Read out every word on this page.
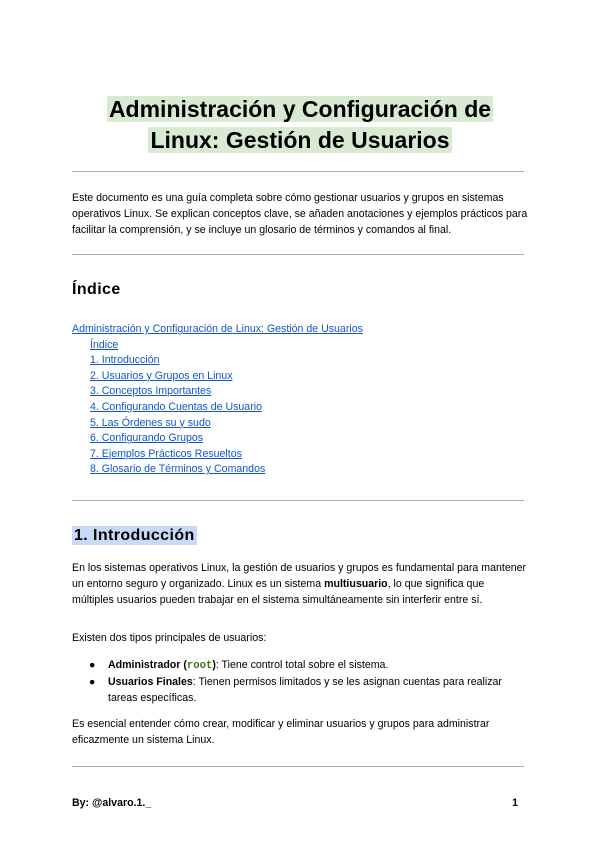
Administración y Configuración de
Linux: Gestión de Usuarios

Este documento es una guía completa sobre cómo gestionar usuarios y grupos en sistemas operativos Linux. Se explican conceptos clave, se añaden anotaciones y ejemplos prácticos para facilitar la comprensión, y se incluye un glosario de términos y comandos al final.

Índice
Administración y Configuración de Linux: Gestión de Usuarios
Índice
1. Introducción
2. Usuarios y Grupos en Linux
3. Conceptos Importantes
4. Configurando Cuentas de Usuario
5. Las Órdenes su y sudo
6. Configurando Grupos
7. Ejemplos Prácticos Resueltos
8. Glosario de Términos y Comandos
1. Introducción

En los sistemas operativos Linux, la gestión de usuarios y grupos es fundamental para mantener un entorno seguro y organizado. Linux es un sistema multiusuario, lo que significa que múltiples usuarios pueden trabajar en el sistema simultáneamente sin interferir entre sí.

Existen dos tipos principales de usuarios:

● Administrador (root): Tiene control total sobre el sistema.
● Usuarios Finales: Tienen permisos limitados y se les asignan cuentas para realizar tareas específicas.

Es esencial entender cómo crear, modificar y eliminar usuarios y grupos para administrar eficazmente un sistema Linux.

By: @alvaro.1._	1
